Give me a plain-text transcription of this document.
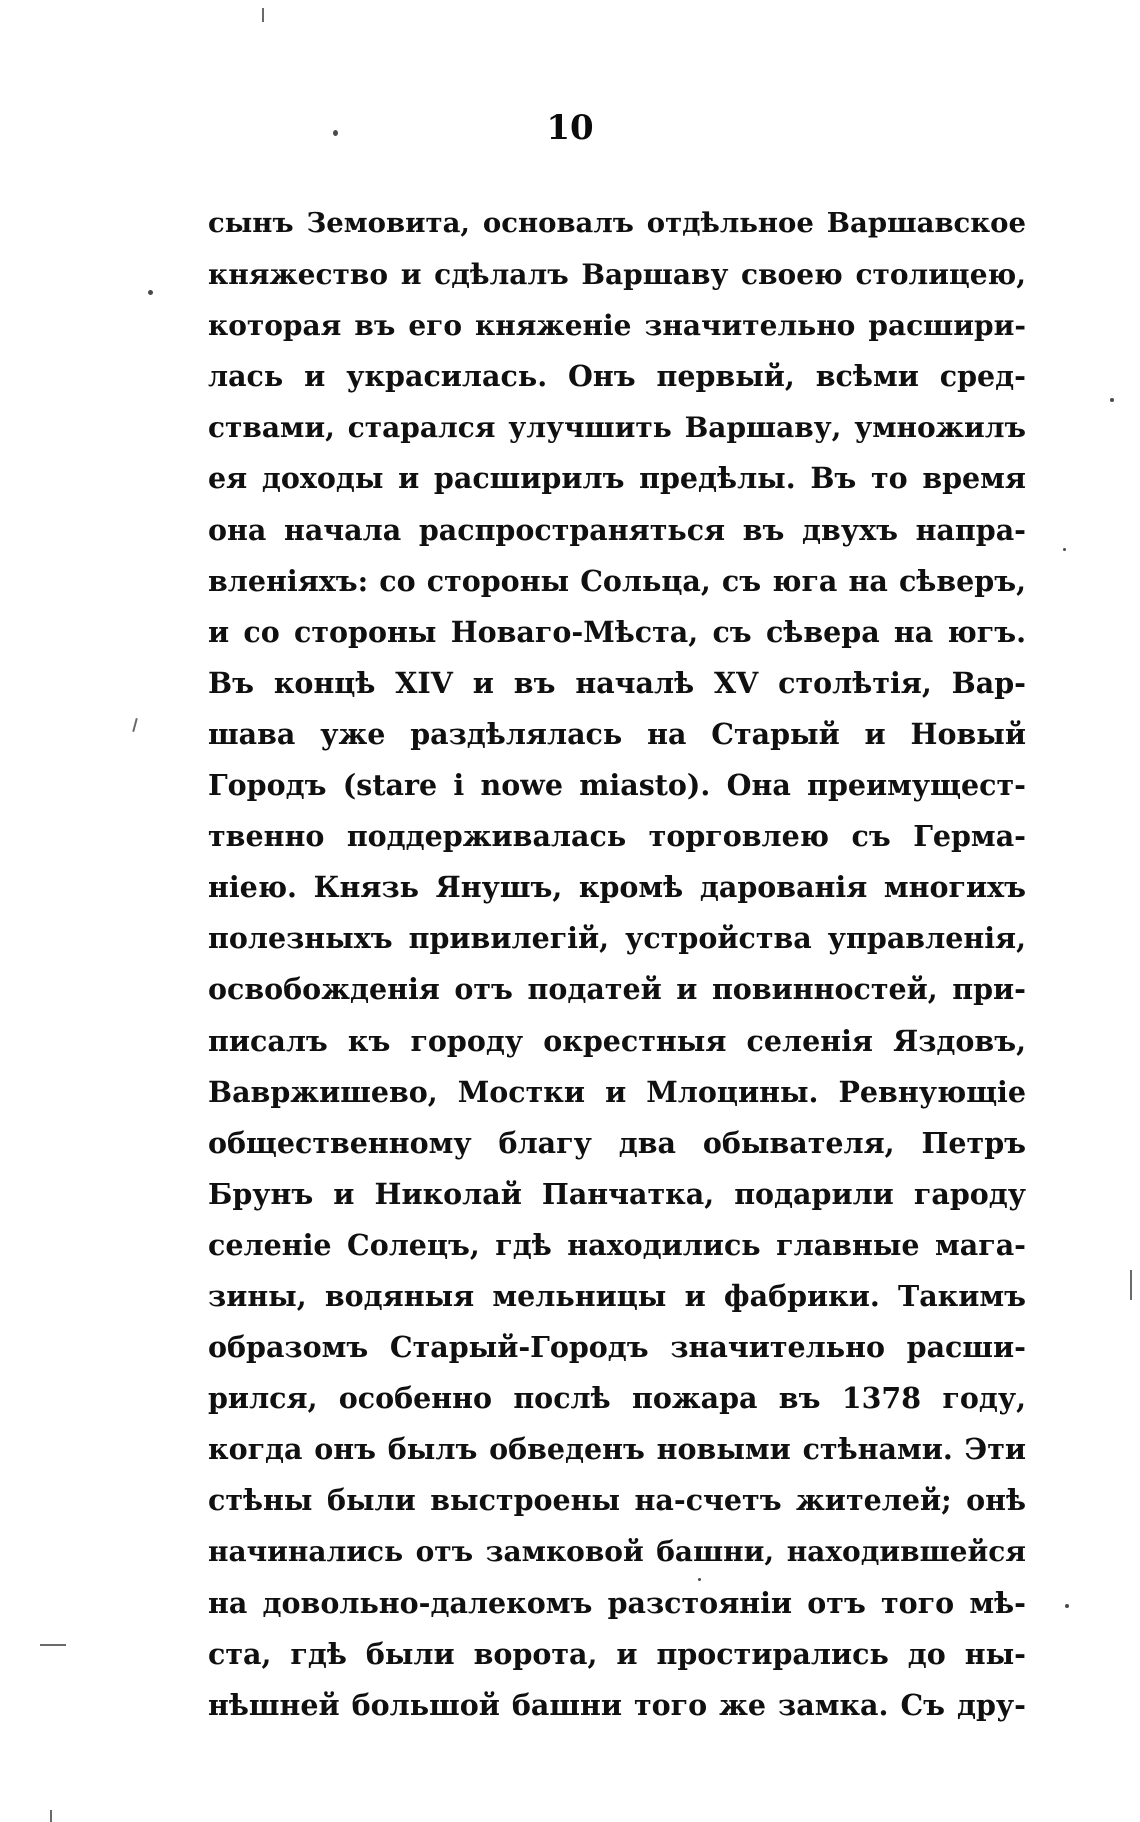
10
сынъ Земовита, основалъ отдѣльное Варшавское
княжество и сдѣлалъ Варшаву своею столицею,
которая въ его княженіе значительно расшири-
лась и украсилась. Онъ первый, всѣми сред-
ствами, старался улучшить Варшаву, умножилъ
ея доходы и расширилъ предѣлы. Въ то время
она начала распространяться въ двухъ напра-
вленіяхъ: со стороны Сольца, съ юга на сѣверъ,
и со стороны Новаго-Мѣста, съ сѣвера на югъ.
Въ концѣ XIV и въ началѣ XV столѣтія, Вар-
шава уже раздѣлялась на Старый и Новый
Городъ (stare i nowe miasto). Она преимущест-
твенно поддерживалась торговлею съ Герма-
ніею. Князь Янушъ, кромѣ дарованія многихъ
полезныхъ привилегій, устройства управленія,
освобожденія отъ податей и повинностей, при-
писалъ къ городу окрестныя селенія Яздовъ,
Вавржишево, Мостки и Млоцины. Ревнующіе
общественному благу два обывателя, Петръ
Брунъ и Николай Панчатка, подарили гароду
селеніе Солецъ, гдѣ находились главные мага-
зины, водяныя мельницы и фабрики. Такимъ
образомъ Старый-Городъ значительно расши-
рился, особенно послѣ пожара въ 1378 году,
когда онъ былъ обведенъ новыми стѣнами. Эти
стѣны были выстроены на-счетъ жителей; онѣ
начинались отъ замковой башни, находившейся
на довольно-далекомъ разстояніи отъ того мѣ-
ста, гдѣ были ворота, и простирались до ны-
нѣшней большой башни того же замка. Съ дру-
